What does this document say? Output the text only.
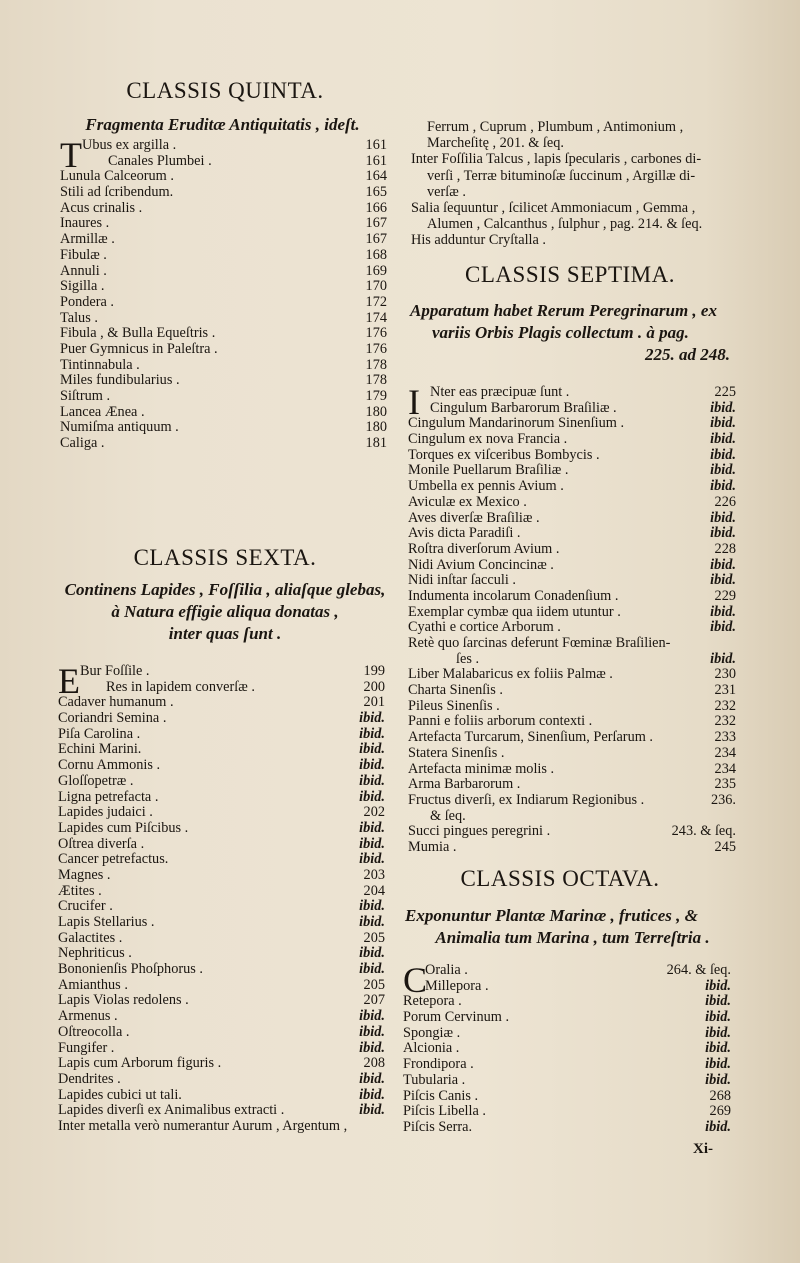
CLASSIS QUINTA.
Fragmenta Eruditæ Antiquitatis , ideſt.
T Ubus ex argilla .	161
Canales Plumbei .	161
Lunula Calceorum .	164
Stili ad ſcribendum.	165
Acus crinalis .	166
Inaures .	167
Armillæ .	167
Fibulæ .	168
Annuli .	169
Sigilla .	170
Pondera .	172
Talus .	174
Fibula , & Bulla Equeſtris .	176
Puer Gymnicus in Paleſtra .	176
Tintinnabula .	178
Miles fundibularius .	178
Siſtrum .	179
Lancea Ænea .	180
Numiſma antiquum .	180
Caliga .	181
CLASSIS SEXTA.
Continens Lapides , Foſſilia , aliaſque glebas,
à Natura effigie aliqua donatas ,
inter quas ſunt .
E Bur Foſſile .	199
Res in lapidem converſæ .	200
Cadaver humanum .	201
Coriandri Semina .	ibid.
Piſa Carolina .	ibid.
Echini Marini.	ibid.
Cornu Ammonis .	ibid.
Gloſſopetræ .	ibid.
Ligna petrefacta .	ibid.
Lapides judaici .	202
Lapides cum Piſcibus .	ibid.
Oſtrea diverſa .	ibid.
Cancer petrefactus.	ibid.
Magnes .	203
Ætites .	204
Crucifer .	ibid.
Lapis Stellarius .	ibid.
Galactites .	205
Nephriticus .	ibid.
Bononienſis Phoſphorus .	ibid.
Amianthus .	205
Lapis Violas redolens .	207
Armenus .	ibid.
Oſtreocolla .	ibid.
Fungifer .	ibid.
Lapis cum Arborum figuris .	208
Dendrites .	ibid.
Lapides cubici ut tali.	ibid.
Lapides diverſi ex Animalibus extracti .	ibid.
Inter metalla verò numerantur Aurum , Argentum ,
Ferrum , Cuprum , Plumbum , Antimonium ,
Marcheſitę , 201. & ſeq.
Inter Foſſilia Talcus , lapis ſpecularis , carbones di-
verſi , Terræ bituminoſæ ſuccinum , Argillæ di-
verſæ .
Salia ſequuntur , ſcilicet Ammoniacum , Gemma ,
Alumen , Calcanthus , ſulphur , pag. 214. & ſeq.
His adduntur Cryſtalla .
CLASSIS SEPTIMA.
Apparatum habet Rerum Peregrinarum , ex
variis Orbis Plagis collectum . à pag.
225. ad 248.
I Nter eas præcipuæ ſunt .	225
Cingulum Barbarorum Braſiliæ .	ibid.
Cingulum Mandarinorum Sinenſium .	ibid.
Cingulum ex nova Francia .	ibid.
Torques ex viſceribus Bombycis .	ibid.
Monile Puellarum Braſiliæ .	ibid.
Umbella ex pennis Avium .	ibid.
Aviculæ ex Mexico .	226
Aves diverſæ Braſiliæ .	ibid.
Avis dicta Paradiſi .	ibid.
Roſtra diverſorum Avium .	228
Nidi Avium Concincinæ .	ibid.
Nidi inſtar ſacculi .	ibid.
Indumenta incolarum Conadenſium .	229
Exemplar cymbæ qua iidem utuntur .	ibid.
Cyathi e cortice Arborum .	ibid.
Retè quo ſarcinas deferunt Fœminæ Braſilien-
ſes .	ibid.
Liber Malabaricus ex foliis Palmæ .	230
Charta Sinenſis .	231
Pileus Sinenſis .	232
Panni e foliis arborum contexti .	232
Artefacta Turcarum, Sinenſium, Perſarum .	233
Statera Sinenſis .	234
Artefacta minimæ molis .	234
Arma Barbarorum .	235
Fructus diverſi, ex Indiarum Regionibus .	236.
& ſeq.
Succi pingues peregrini .	243. & ſeq.
Mumia .	245
CLASSIS OCTAVA.
Exponuntur Plantæ Marinæ , frutices , &
Animalia tum Marina , tum Terreſtria .
C
Oralia .	264. & ſeq.
Millepora .	ibid.
Retepora .	ibid.
Porum Cervinum .	ibid.
Spongiæ .	ibid.
Alcionia .	ibid.
Frondipora .	ibid.
Tubularia .	ibid.
Piſcis Canis .	268
Piſcis Libella .	269
Piſcis Serra.	ibid.
Xi-
